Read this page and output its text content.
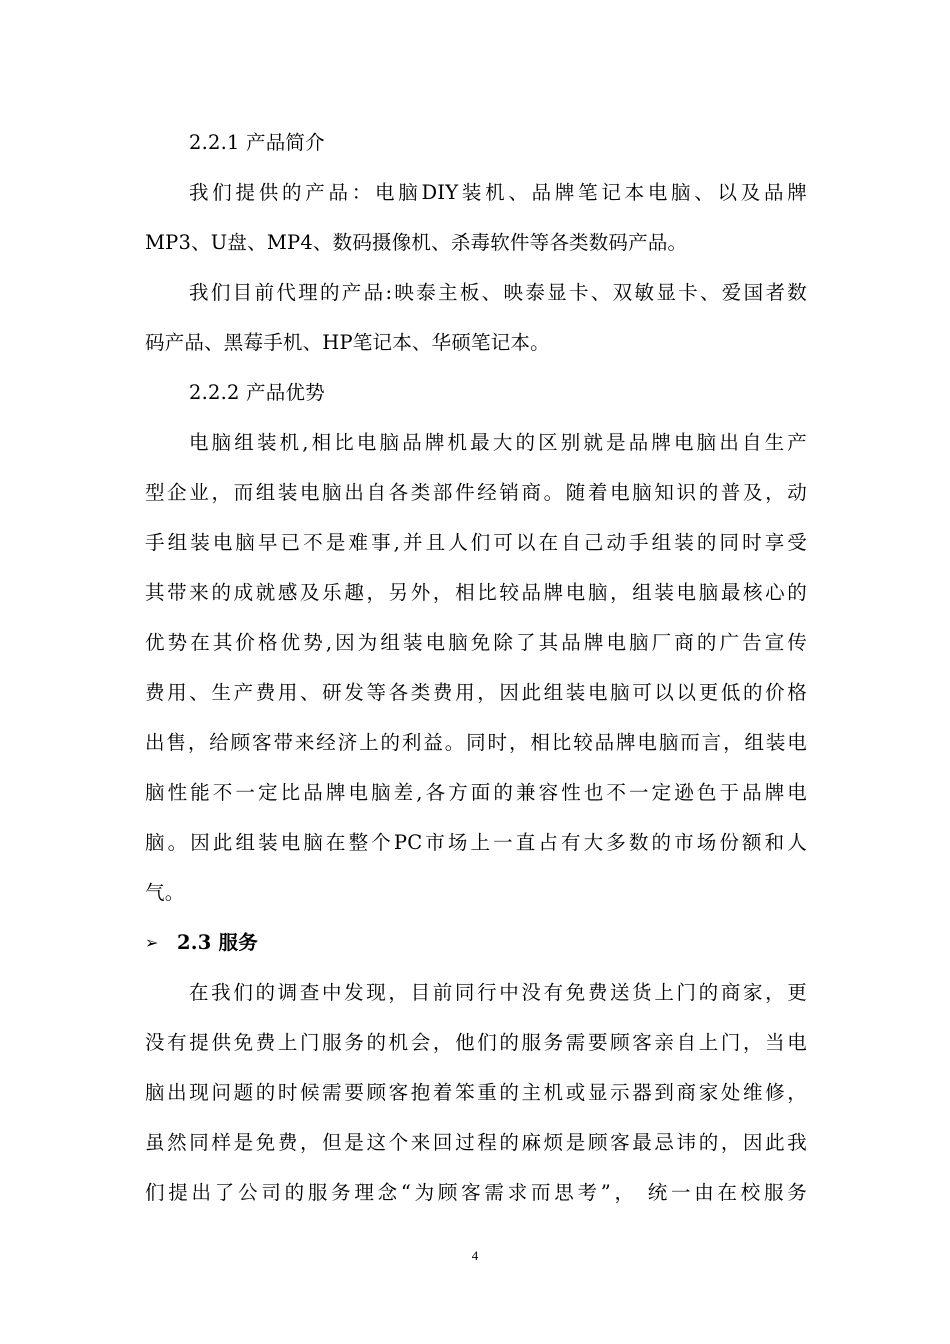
2.2.1 产品简介
我们提供的产品：电脑DIY装机、品牌笔记本电脑、以及品牌
MP3、U盘、MP4、数码摄像机、杀毒软件等各类数码产品。
我们目前代理的产品:映泰主板、映泰显卡、双敏显卡、爱国者数
码产品、黑莓手机、HP笔记本、华硕笔记本。
2.2.2 产品优势
电脑组装机,相比电脑品牌机最大的区别就是品牌电脑出自生产
型企业，而组装电脑出自各类部件经销商。随着电脑知识的普及，动
手组装电脑早已不是难事,并且人们可以在自己动手组装的同时享受
其带来的成就感及乐趣，另外，相比较品牌电脑，组装电脑最核心的
优势在其价格优势,因为组装电脑免除了其品牌电脑厂商的广告宣传
费用、生产费用、研发等各类费用，因此组装电脑可以以更低的价格
出售，给顾客带来经济上的利益。同时，相比较品牌电脑而言，组装电
脑性能不一定比品牌电脑差,各方面的兼容性也不一定逊色于品牌电
脑。因此组装电脑在整个PC市场上一直占有大多数的市场份额和人
气。
➢ 2.3 服务
在我们的调查中发现，目前同行中没有免费送货上门的商家，更
没有提供免费上门服务的机会，他们的服务需要顾客亲自上门，当电
脑出现问题的时候需要顾客抱着笨重的主机或显示器到商家处维修，
虽然同样是免费，但是这个来回过程的麻烦是顾客最忌讳的，因此我
们提出了公司的服务理念“为顾客需求而思考”， 统一由在校服务
4
